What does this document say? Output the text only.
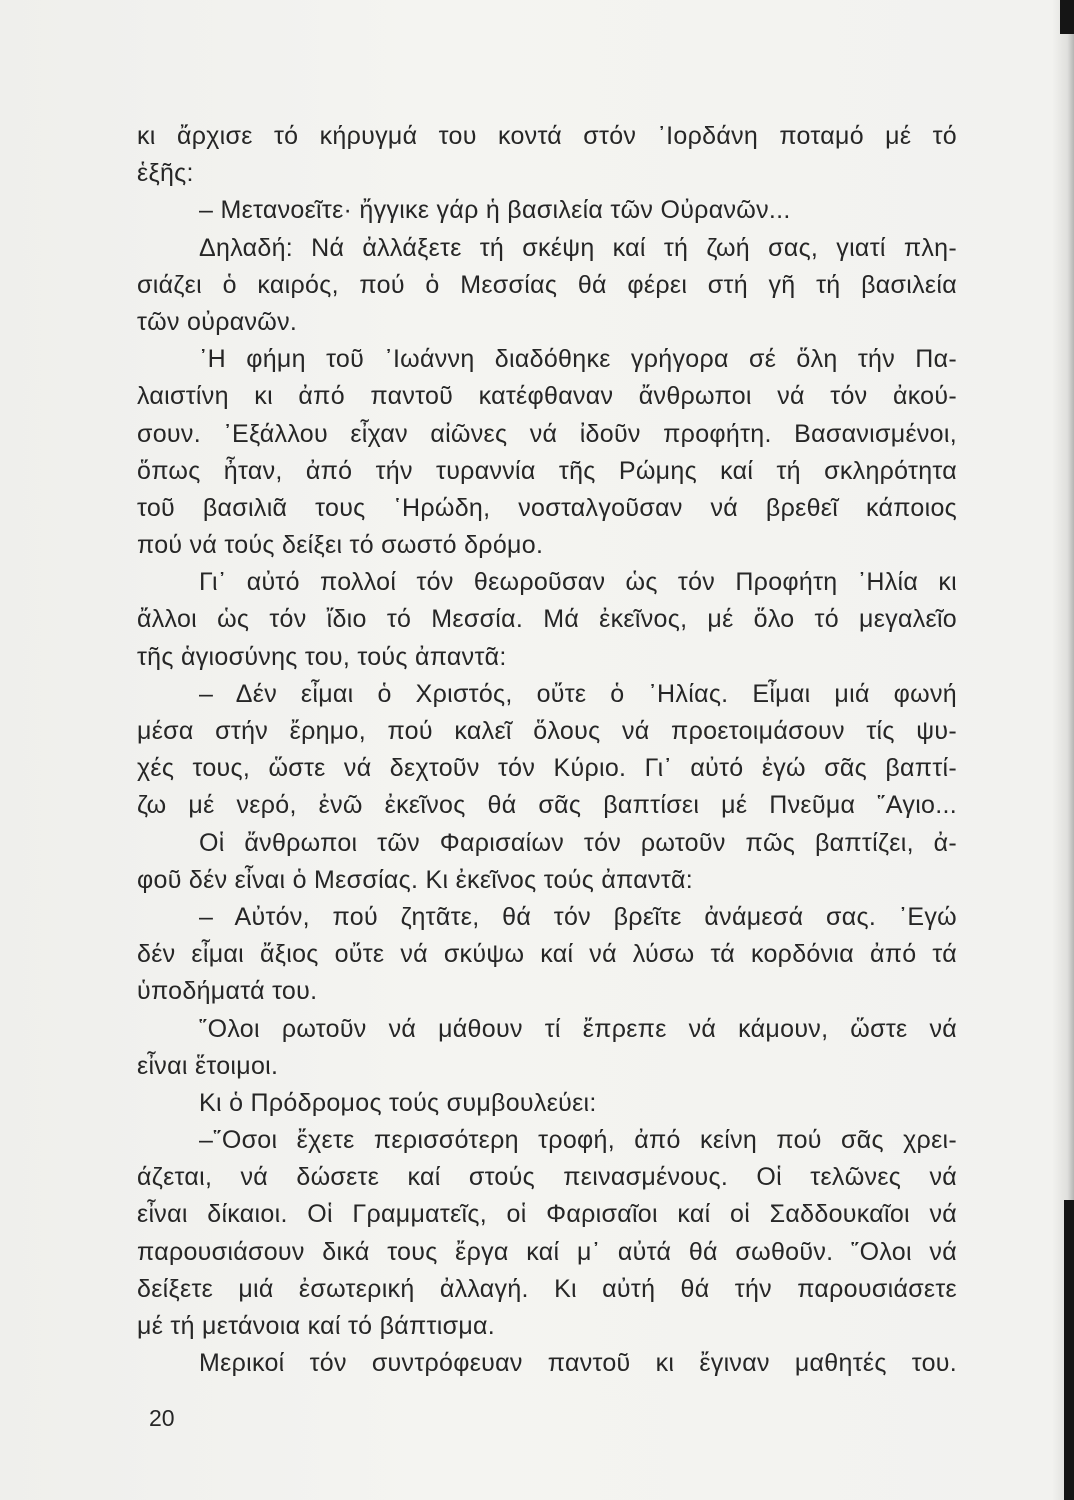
κι ἄρχισε τό κήρυγμά του κοντά στόν ᾽Ιορδάνη ποταμό μέ τό
ἑξῆς:
– Μετανοεῖτε· ἤγγικε γάρ ἡ βασιλεία τῶν Οὐρανῶν...
Δηλαδή: Νά ἀλλάξετε τή σκέψη καί τή ζωή σας, γιατί πλη-
σιάζει ὁ καιρός, πού ὁ Μεσσίας θά φέρει στή γῆ τή βασιλεία
τῶν οὐρανῶν.
᾽Η φήμη τοῦ ᾽Ιωάννη διαδόθηκε γρήγορα σέ ὅλη τήν Πα-
λαιστίνη κι ἀπό παντοῦ κατέφθαναν ἄνθρωποι νά τόν ἀκού-
σουν. ᾽Εξάλλου εἶχαν αἰῶνες νά ἰδοῦν προφήτη. Βασανισμένοι,
ὅπως ἦταν, ἀπό τήν τυραννία τῆς Ρώμης καί τή σκληρότητα
τοῦ βασιλιᾶ τους ῾Ηρώδη, νοσταλγοῦσαν νά βρεθεῖ κάποιος
πού νά τούς δείξει τό σωστό δρόμο.
Γι᾽ αὐτό πολλοί τόν θεωροῦσαν ὡς τόν Προφήτη ᾽Ηλία κι
ἄλλοι ὡς τόν ἴδιο τό Μεσσία. Μά ἐκεῖνος, μέ ὅλο τό μεγαλεῖο
τῆς ἁγιοσύνης του, τούς ἀπαντᾶ:
– Δέν εἶμαι ὁ Χριστός, οὔτε ὁ ᾽Ηλίας. Εἶμαι μιά φωνή
μέσα στήν ἔρημο, πού καλεῖ ὅλους νά προετοιμάσουν τίς ψυ-
χές τους, ὥστε νά δεχτοῦν τόν Κύριο. Γι᾽ αὐτό ἐγώ σᾶς βαπτί-
ζω μέ νερό, ἐνῶ ἐκεῖνος θά σᾶς βαπτίσει μέ Πνεῦμα ῞Αγιο...
Οἱ ἄνθρωποι τῶν Φαρισαίων τόν ρωτοῦν πῶς βαπτίζει, ἀ-
φοῦ δέν εἶναι ὁ Μεσσίας. Κι ἐκεῖνος τούς ἀπαντᾶ:
– Αὐτόν, πού ζητᾶτε, θά τόν βρεῖτε ἀνάμεσά σας. ᾽Εγώ
δέν εἶμαι ἄξιος οὔτε νά σκύψω καί νά λύσω τά κορδόνια ἀπό τά
ὑποδήματά του.
῞Ολοι ρωτοῦν νά μάθουν τί ἔπρεπε νά κάμουν, ὥστε νά
εἶναι ἕτοιμοι.
Κι ὁ Πρόδρομος τούς συμβουλεύει:
–῞Οσοι ἔχετε περισσότερη τροφή, ἀπό κείνη πού σᾶς χρει-
άζεται, νά δώσετε καί στούς πεινασμένους. Οἱ τελῶνες νά
εἶναι δίκαιοι. Οἱ Γραμματεῖς, οἱ Φαρισαῖοι καί οἱ Σαδδουκαῖοι νά
παρουσιάσουν δικά τους ἔργα καί μ᾽ αὐτά θά σωθοῦν. ῞Ολοι νά
δείξετε μιά ἐσωτερική ἀλλαγή. Κι αὐτή θά τήν παρουσιάσετε
μέ τή μετάνοια καί τό βάπτισμα.
Μερικοί τόν συντρόφευαν παντοῦ κι ἔγιναν μαθητές του.
20
